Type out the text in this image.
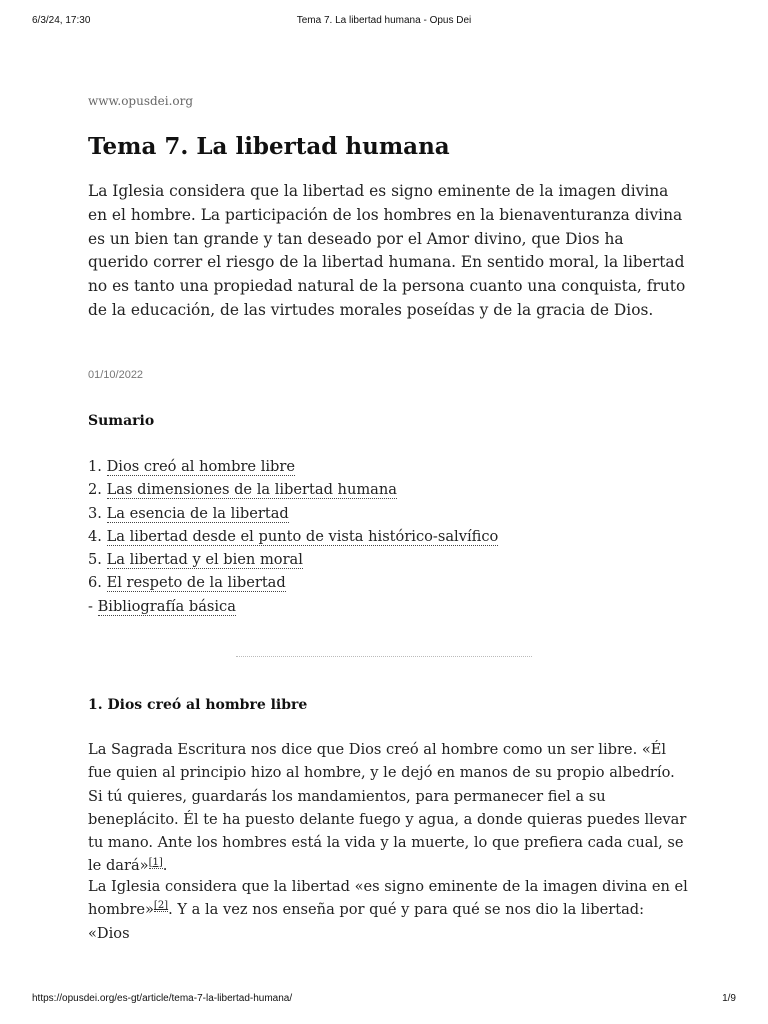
6/3/24, 17:30	Tema 7. La libertad humana - Opus Dei

www.opusdei.org

Tema 7. La libertad humana

La Iglesia considera que la libertad es signo eminente de la imagen divina en el hombre. La participación de los hombres en la bienaventuranza divina es un bien tan grande y tan deseado por el Amor divino, que Dios ha querido correr el riesgo de la libertad humana. En sentido moral, la libertad no es tanto una propiedad natural de la persona cuanto una conquista, fruto de la educación, de las virtudes morales poseídas y de la gracia de Dios.

01/10/2022

Sumario
1. Dios creó al hombre libre
2. Las dimensiones de la libertad humana
3. La esencia de la libertad
4. La libertad desde el punto de vista histórico-salvífico
5. La libertad y el bien moral
6. El respeto de la libertad
- Bibliografía básica
1. Dios creó al hombre libre

La Sagrada Escritura nos dice que Dios creó al hombre como un ser libre. «Él fue quien al principio hizo al hombre, y le dejó en manos de su propio albedrío. Si tú quieres, guardarás los mandamientos, para permanecer fiel a su beneplácito. Él te ha puesto delante fuego y agua, a donde quieras puedes llevar tu mano. Ante los hombres está la vida y la muerte, lo que prefiera cada cual, se le dará»[1].

La Iglesia considera que la libertad «es signo eminente de la imagen divina en el hombre»[2]. Y a la vez nos enseña por qué y para qué se nos dio la libertad: «Dios

https://opusdei.org/es-gt/article/tema-7-la-libertad-humana/	1/9
